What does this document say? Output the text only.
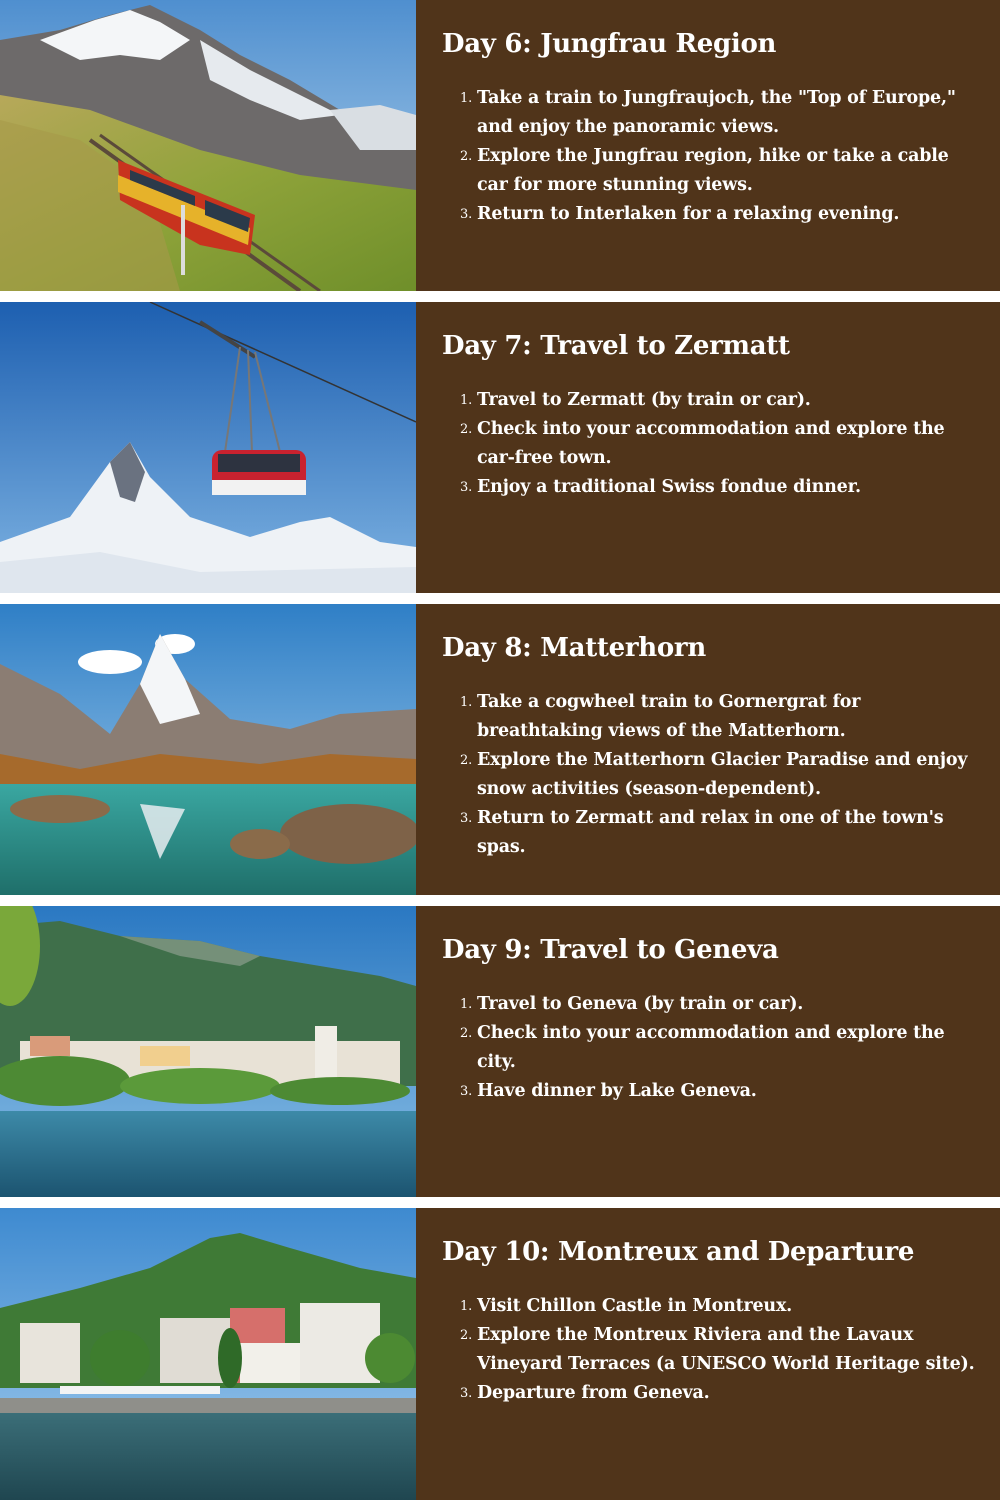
Day 6: Jungfrau Region
1. Take a train to Jungfraujoch, the "Top of Europe," and enjoy the panoramic views.
2. Explore the Jungfrau region, hike or take a cable car for more stunning views.
3. Return to Interlaken for a relaxing evening.
Day 7: Travel to Zermatt
1. Travel to Zermatt (by train or car).
2. Check into your accommodation and explore the car-free town.
3. Enjoy a traditional Swiss fondue dinner.
Day 8: Matterhorn
1. Take a cogwheel train to Gornergrat for breathtaking views of the Matterhorn.
2. Explore the Matterhorn Glacier Paradise and enjoy snow activities (season-dependent).
3. Return to Zermatt and relax in one of the town's spas.
Day 9: Travel to Geneva
1. Travel to Geneva (by train or car).
2. Check into your accommodation and explore the city.
3. Have dinner by Lake Geneva.
Day 10: Montreux and Departure
1. Visit Chillon Castle in Montreux.
2. Explore the Montreux Riviera and the Lavaux Vineyard Terraces (a UNESCO World Heritage site).
3. Departure from Geneva.
